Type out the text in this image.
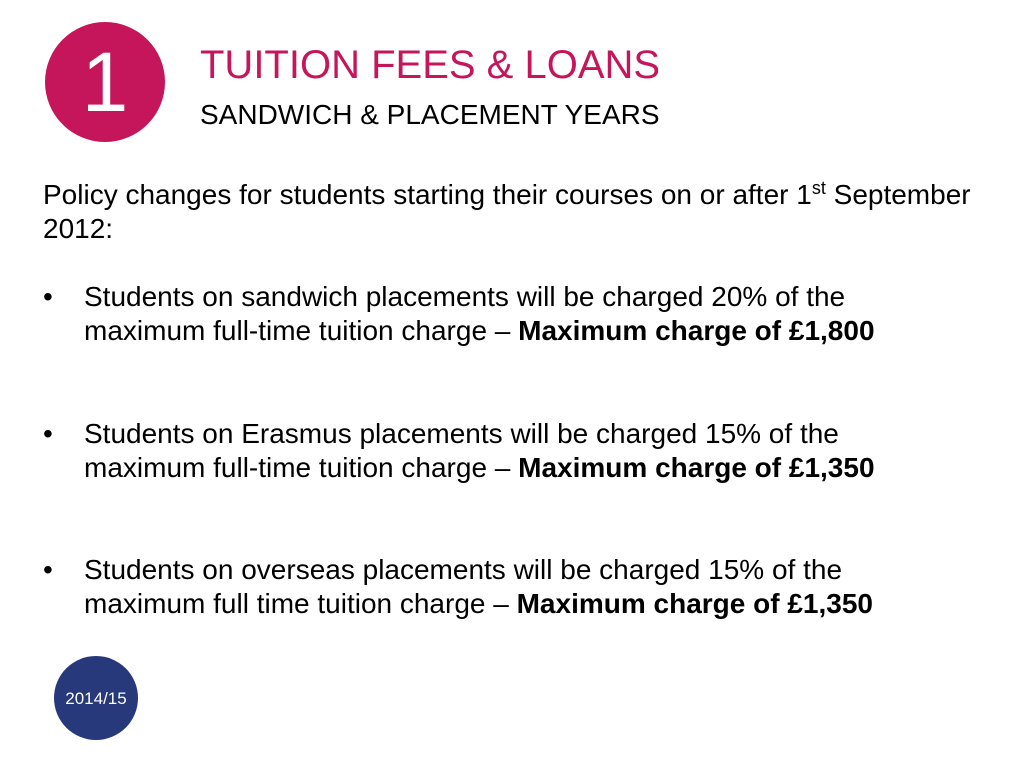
1 TUITION FEES & LOANS
SANDWICH & PLACEMENT YEARS
Policy changes for students starting their courses on or after 1st September
2012:
• Students on sandwich placements will be charged 20% of the
maximum full-time tuition charge – Maximum charge of £1,800
• Students on Erasmus placements will be charged 15% of the
maximum full-time tuition charge – Maximum charge of £1,350
• Students on overseas placements will be charged 15% of the
maximum full time tuition charge – Maximum charge of £1,350
2014/15
